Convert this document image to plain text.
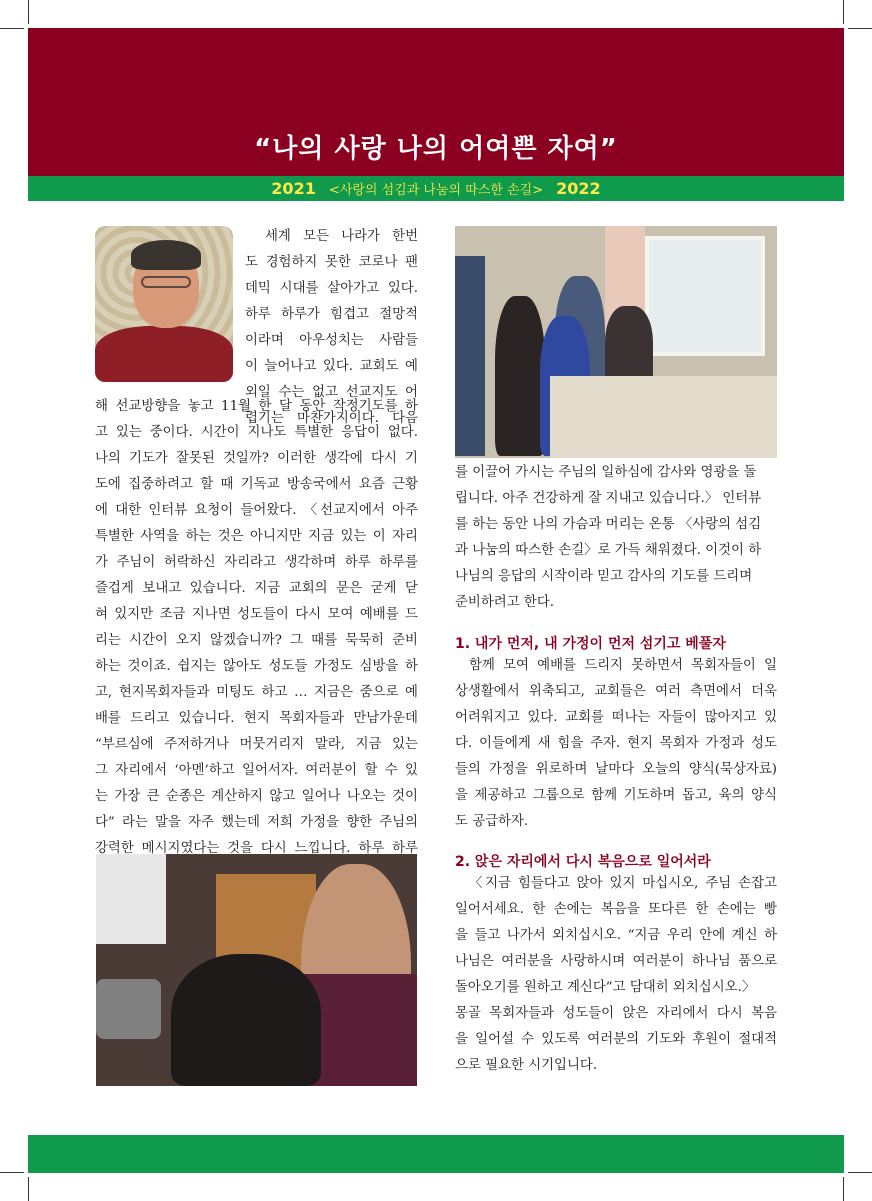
“나의 사랑 나의 어여쁜 자여”
2021 <사랑의 섬김과 나눔의 따스한 손길> 2022
세계 모든 나라가 한번
도 경험하지 못한 코로나 팬
데믹 시대를 살아가고 있다.
하루 하루가 힘겹고 절망적
이라며 아우성치는 사람들
이 늘어나고 있다. 교회도 예
외일 수는 없고 선교지도 어
렵기는 마찬가지이다. 다음
해 선교방향을 놓고 11월 한 달 동안 작정기도를 하
고 있는 중이다. 시간이 지나도 특별한 응답이 없다.
나의 기도가 잘못된 것일까? 이러한 생각에 다시 기
도에 집중하려고 할 때 기독교 방송국에서 요즘 근황
에 대한 인터뷰 요청이 들어왔다. 〈선교지에서 아주
특별한 사역을 하는 것은 아니지만 지금 있는 이 자리
가 주님이 허락하신 자리라고 생각하며 하루 하루를
즐겁게 보내고 있습니다. 지금 교회의 문은 굳게 닫
혀 있지만 조금 지나면 성도들이 다시 모여 예배를 드
리는 시간이 오지 않겠습니까? 그 때를 묵묵히 준비
하는 것이죠. 쉽지는 않아도 성도들 가정도 심방을 하
고, 현지목회자들과 미팅도 하고 … 지금은 줌으로 예
배를 드리고 있습니다. 현지 목회자들과 만남가운데
“부르심에 주저하거나 머뭇거리지 말라, 지금 있는
그 자리에서 ‘아멘’하고 일어서자. 여러분이 할 수 있
는 가장 큰 순종은 계산하지 않고 일어나 나오는 것이
다” 라는 말을 자주 했는데 저희 가정을 향한 주님의
강력한 메시지였다는 것을 다시 느낍니다. 하루 하루
를 이끌어 가시는 주님의 일하심에 감사와 영광을 돌
립니다. 아주 건강하게 잘 지내고 있습니다.〉 인터뷰
를 하는 동안 나의 가슴과 머리는 온통 〈사랑의 섬김
과 나눔의 따스한 손길〉로 가득 채워졌다. 이것이 하
나님의 응답의 시작이라 믿고 감사의 기도를 드리며
준비하려고 한다.
1. 내가 먼저, 내 가정이 먼저 섬기고 베풀자
함께 모여 예배를 드리지 못하면서 목회자들이 일
상생활에서 위축되고, 교회들은 여러 측면에서 더욱
어려워지고 있다. 교회를 떠나는 자들이 많아지고 있
다. 이들에게 새 힘을 주자. 현지 목회자 가정과 성도
들의 가정을 위로하며 날마다 오늘의 양식(묵상자료)
을 제공하고 그룹으로 함께 기도하며 돕고, 육의 양식
도 공급하자.
2. 앉은 자리에서 다시 복음으로 일어서라
〈지금 힘들다고 앉아 있지 마십시오, 주님 손잡고
일어서세요. 한 손에는 복음을 또다른 한 손에는 빵
을 들고 나가서 외치십시오. “지금 우리 안에 계신 하
나님은 여러분을 사랑하시며 여러분이 하나님 품으로
돌아오기를 원하고 계신다”고 담대히 외치십시오.〉
몽골 목회자들과 성도들이 앉은 자리에서 다시 복음
을 일어설 수 있도록 여러분의 기도와 후원이 절대적
으로 필요한 시기입니다.
